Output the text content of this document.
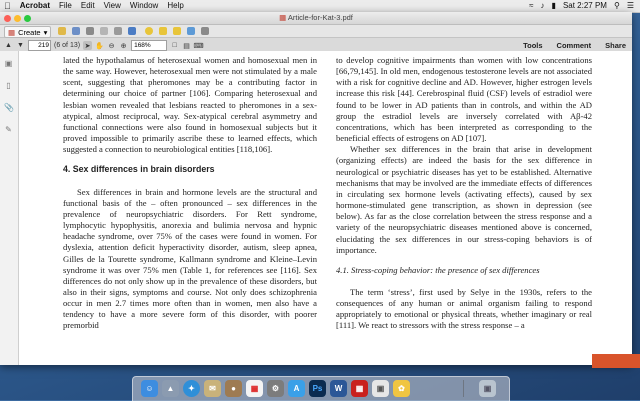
Acrobat File Edit View Window Help	≈ ♪ ▮ Sat 2:27 PM ⚲ ☰
▦ Article-for-Kat-3.pdf
▦ Create ▾
▲ ▼	219 (6 of 13) ➤ ✋ ⊖ ⊕	168%	□ ▤ ⌨	Tools Comment Share
▣
▯
📎
✎

lated the hypothalamus of heterosexual women and homosexual men in the same way. However, heterosexual men were not stimulated by a male scent, suggesting that pheromones may be a contributing factor in determining our choice of partner [106]. Comparing heterosexual and lesbian women revealed that lesbians reacted to pheromones in a sex-atypical, almost reciprocal, way. Sex-atypical cerebral asymmetry and functional connections were also found in homosexual subjects but it proved impossible to primarily ascribe these to learned effects, which suggested a connection to neurobiological entities [118,106].

4. Sex differences in brain disorders

Sex differences in brain and hormone levels are the structural and functional basis of the – often pronounced – sex differences in the prevalence of neuropsychiatric disorders. For Rett syndrome, lymphocytic hypophysitis, anorexia and bulimia nervosa and hypnic headache syndrome, over 75% of the cases were found in women. For dyslexia, attention deficit hyperactivity disorder, autism, sleep apnea, Gilles de la Tourette syndrome, Kallmann syndrome and Kleine–Levin syndrome it was over 75% men (Table 1, for references see [116]. Sex differences do not only show up in the prevalence of these disorders, but also in their signs, symptoms and course. Not only does schizophrenia occur in men 2.7 times more often than in women, men also have a tendency to have a more severe form of this disorder, with poorer premorbid

to develop cognitive impairments than women with low concentrations [66,79,145]. In old men, endogenous testosterone levels are not associated with a risk for cognitive decline and AD. However, higher estrogen levels increase this risk [44]. Cerebrospinal fluid (CSF) levels of estradiol were found to be lower in AD patients than in controls, and within the AD group the estradiol levels are inversely correlated with Aβ-42 concentrations, which has been interpreted as corresponding to the beneficial effects of estrogens on AD [107].

Whether sex differences in the brain that arise in development (organizing effects) are indeed the basis for the sex difference in neurological or psychiatric diseases has yet to be established. Alternative mechanisms that may be involved are the immediate effects of differences in circulating sex hormone levels (activating effects), caused by sex hormone-stimulated gene transcription, as shown in depression (see below). As far as the close correlation between the stress response and a variety of the neuropsychiatric diseases mentioned above is concerned, elucidating the sex differences in our stress-coping behaviors is of importance.

4.1. Stress-coping behavior: the presence of sex differences

The term ‘stress’, first used by Selye in the 1930s, refers to the consequences of any human or animal organism failing to respond appropriately to emotional or physical threats, whether imaginary or real [111]. We react to stressors with the stress response – a

☺	▲	✦	✉	●	▦	⚙	A	Ps	W	▦	▣	✿	▣
